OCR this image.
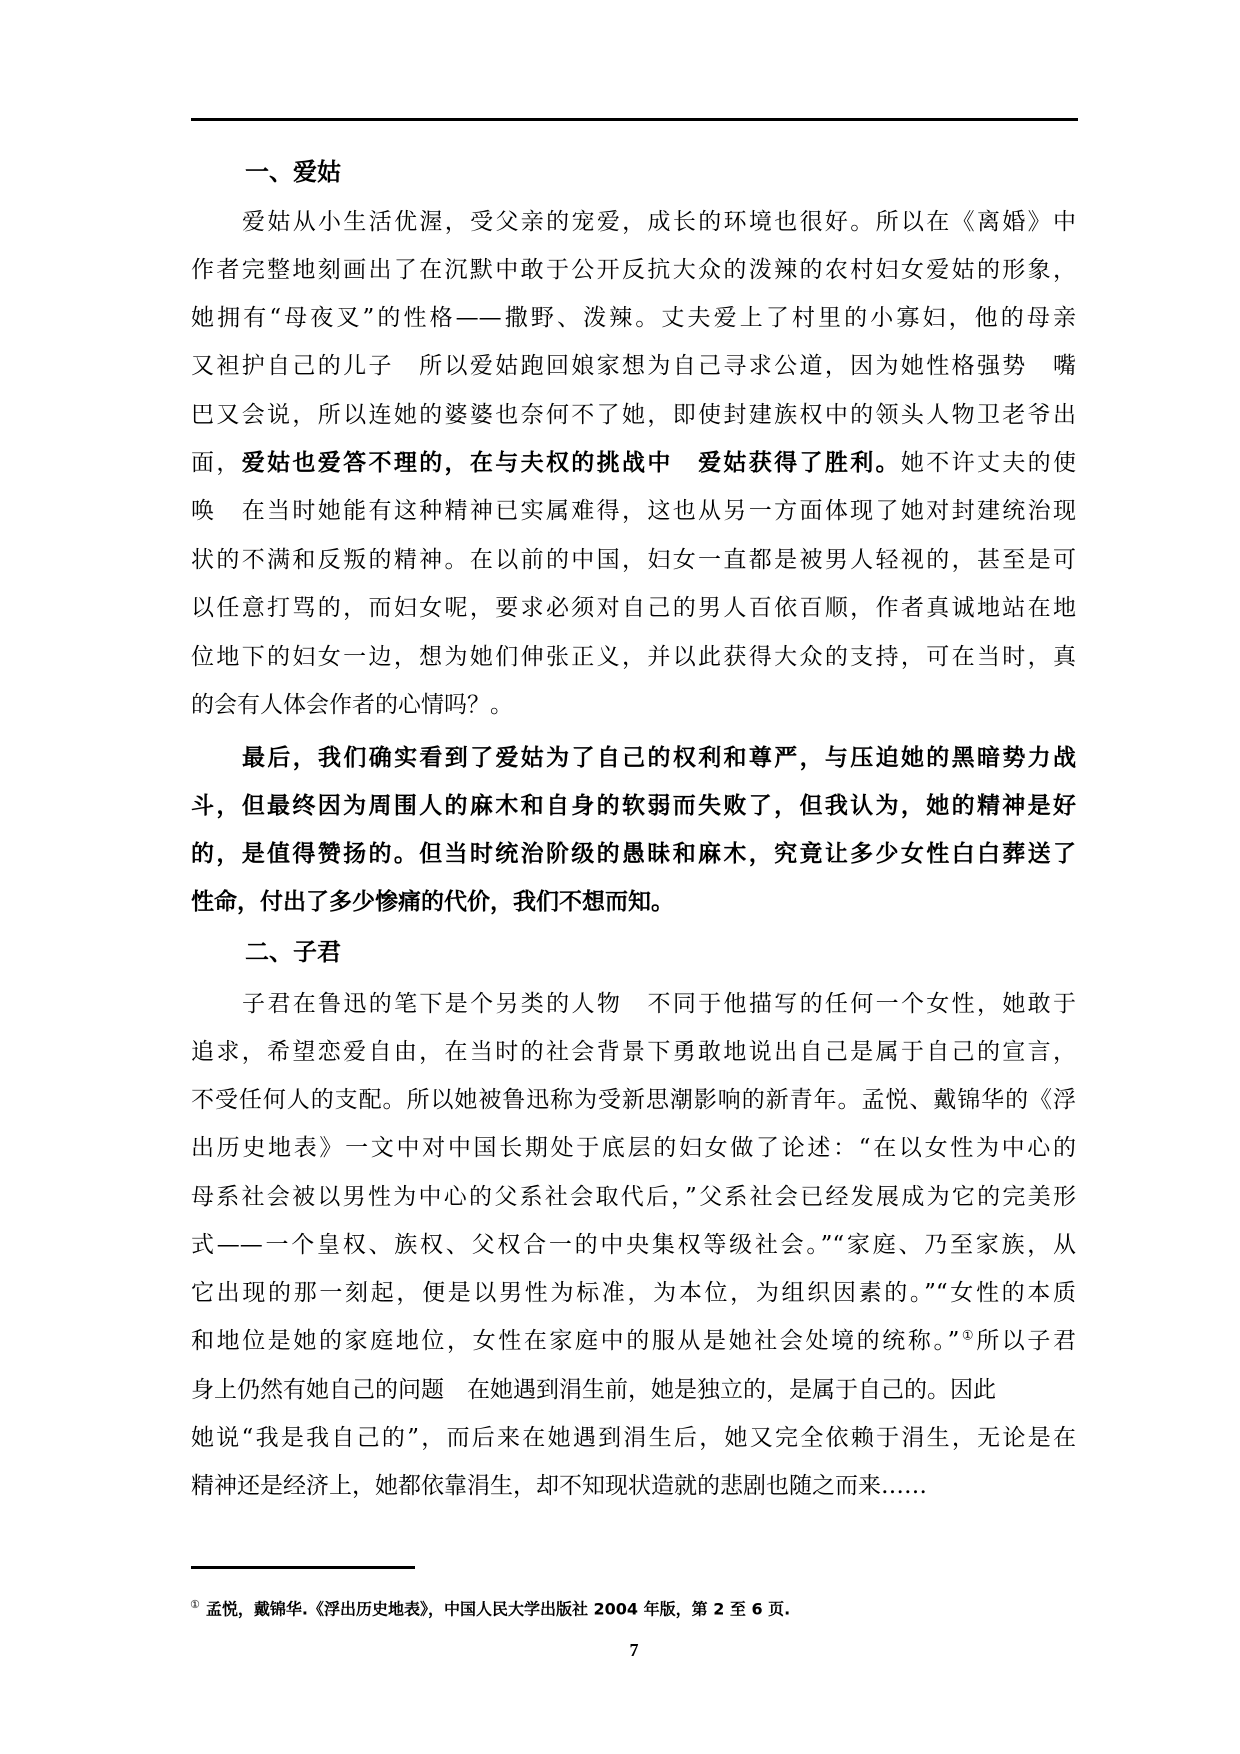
一、爱姑
爱姑从小生活优渥，受父亲的宠爱，成长的环境也很好。所以在《离婚》中
作者完整地刻画出了在沉默中敢于公开反抗大众的泼辣的农村妇女爱姑的形象，
她拥有“母夜叉”的性格——撒野、泼辣。丈夫爱上了村里的小寡妇，他的母亲
又袒护自己的儿子　所以爱姑跑回娘家想为自己寻求公道，因为她性格强势　嘴
巴又会说，所以连她的婆婆也奈何不了她，即使封建族权中的领头人物卫老爷出
面，爱姑也爱答不理的，在与夫权的挑战中　爱姑获得了胜利。她不许丈夫的使
唤　在当时她能有这种精神已实属难得，这也从另一方面体现了她对封建统治现
状的不满和反叛的精神。在以前的中国，妇女一直都是被男人轻视的，甚至是可
以任意打骂的，而妇女呢，要求必须对自己的男人百依百顺，作者真诚地站在地
位地下的妇女一边，想为她们伸张正义，并以此获得大众的支持，可在当时，真
的会有人体会作者的心情吗？。
最后，我们确实看到了爱姑为了自己的权利和尊严，与压迫她的黑暗势力战
斗，但最终因为周围人的麻木和自身的软弱而失败了，但我认为，她的精神是好
的，是值得赞扬的。但当时统治阶级的愚昧和麻木，究竟让多少女性白白葬送了
性命，付出了多少惨痛的代价，我们不想而知。
二、子君
子君在鲁迅的笔下是个另类的人物　不同于他描写的任何一个女性，她敢于
追求，希望恋爱自由，在当时的社会背景下勇敢地说出自己是属于自己的宣言，
不受任何人的支配。所以她被鲁迅称为受新思潮影响的新青年。孟悦、戴锦华的《浮
出历史地表》一文中对中国长期处于底层的妇女做了论述：“在以女性为中心的
母系社会被以男性为中心的父系社会取代后，”父系社会已经发展成为它的完美形
式——一个皇权、族权、父权合一的中央集权等级社会。”“家庭、乃至家族，从
它出现的那一刻起，便是以男性为标准，为本位，为组织因素的。”“女性的本质
和地位是她的家庭地位，女性在家庭中的服从是她社会处境的统称。”①所以子君
身上仍然有她自己的问题　在她遇到涓生前，她是独立的，是属于自己的。因此
她说“我是我自己的”，而后来在她遇到涓生后，她又完全依赖于涓生，无论是在
精神还是经济上，她都依靠涓生，却不知现状造就的悲剧也随之而来……
① 孟悦，戴锦华.《浮出历史地表》，中国人民大学出版社 2004 年版，第 2 至 6 页.
7
